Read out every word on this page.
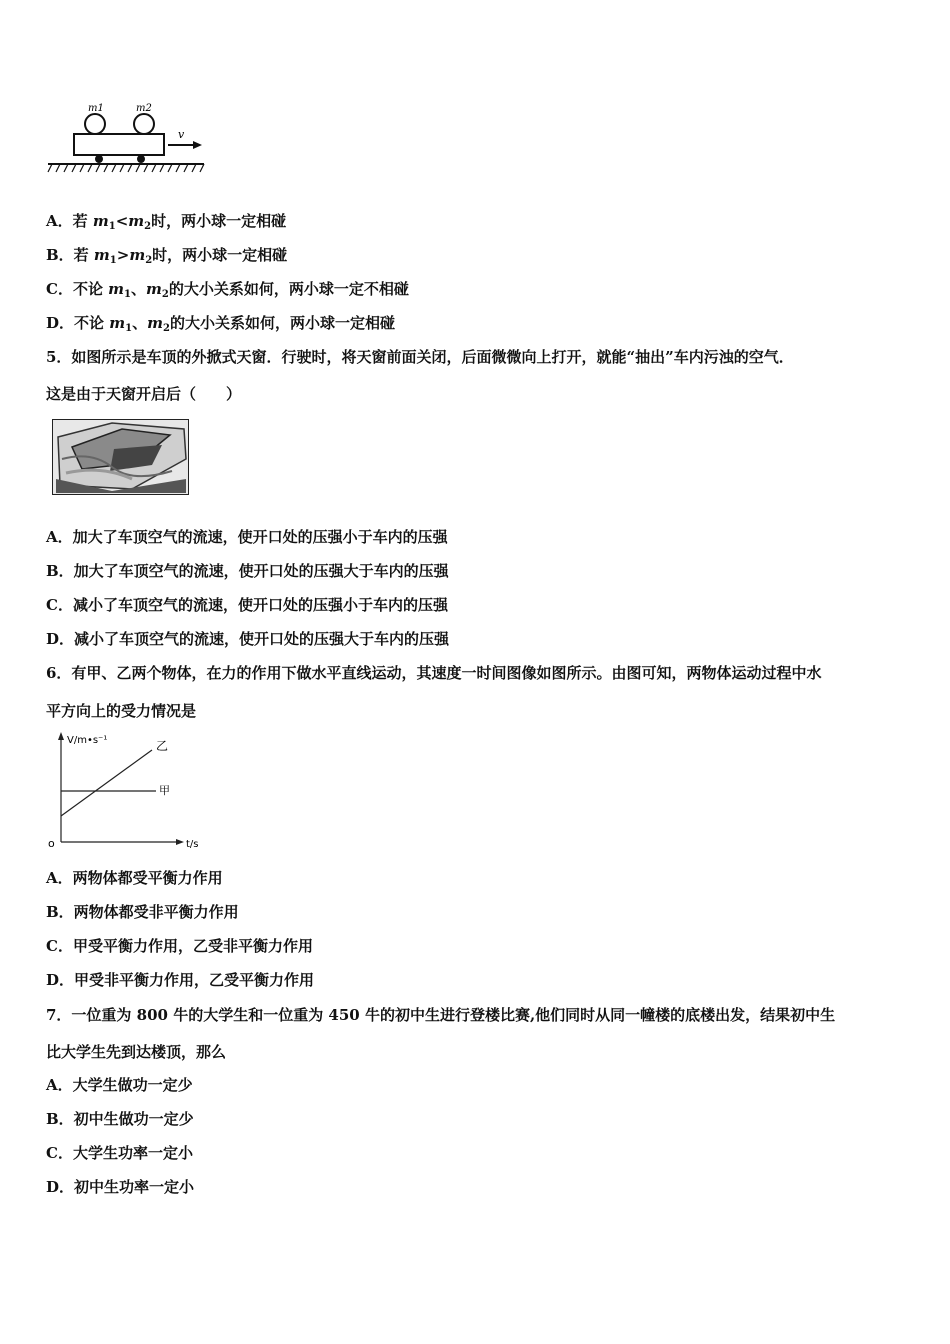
m1	m2
v
A．若 $m_1<m_2$时，两小球一定相碰
B．若 $m_1>m_2$时，两小球一定相碰
C．不论 $m_1$、$m_2$的大小关系如何，两小球一定不相碰
D．不论 $m_1$、$m_2$的大小关系如何，两小球一定相碰
5．如图所示是车顶的外掀式天窗．行驶时，将天窗前面关闭，后面微微向上打开，就能“抽出”车内污浊的空气．
这是由于天窗开启后（　　）
A．加大了车顶空气的流速，使开口处的压强小于车内的压强
B．加大了车顶空气的流速，使开口处的压强大于车内的压强
C．减小了车顶空气的流速，使开口处的压强小于车内的压强
D．减小了车顶空气的流速，使开口处的压强大于车内的压强
6．有甲、乙两个物体，在力的作用下做水平直线运动，其速度一时间图像如图所示。由图可知，两物体运动过程中水
平方向上的受力情况是
V/m•s⁻¹
t/s
o
乙
甲
A．两物体都受平衡力作用
B．两物体都受非平衡力作用
C．甲受平衡力作用，乙受非平衡力作用
D．甲受非平衡力作用，乙受平衡力作用
7．一位重为 800 牛的大学生和一位重为 450 牛的初中生进行登楼比赛,他们同时从同一幢楼的底楼出发，结果初中生
比大学生先到达楼顶，那么
A．大学生做功一定少
B．初中生做功一定少
C．大学生功率一定小
D．初中生功率一定小
